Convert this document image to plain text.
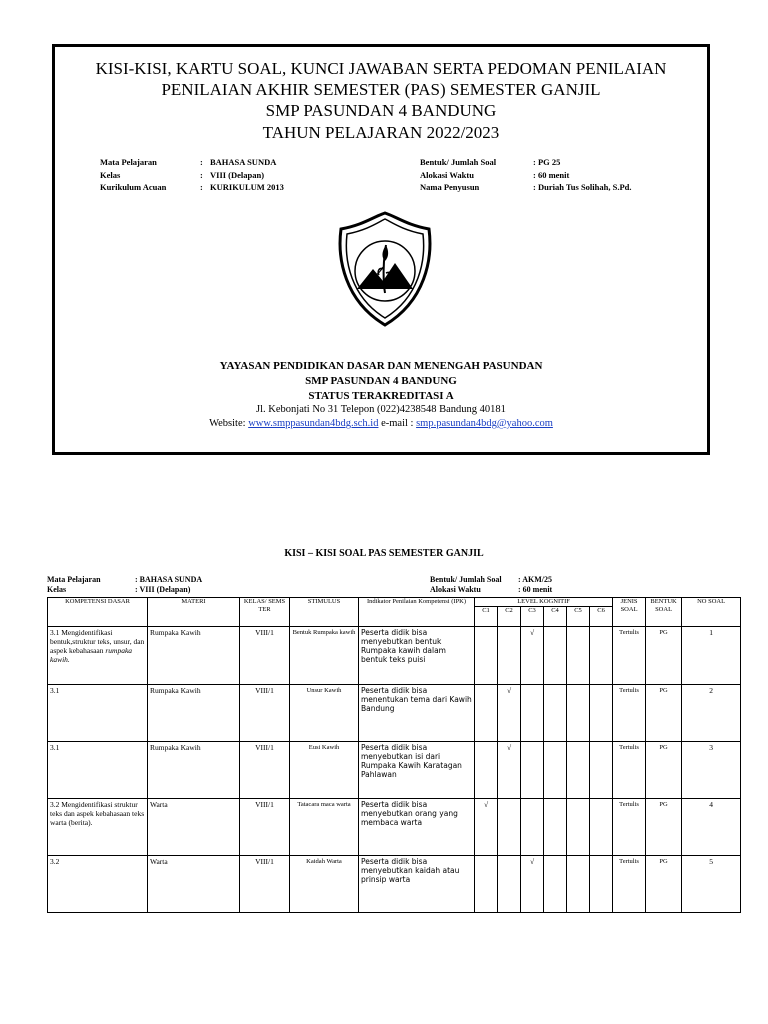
KISI-KISI, KARTU SOAL, KUNCI JAWABAN SERTA PEDOMAN PENILAIAN
PENILAIAN AKHIR SEMESTER (PAS) SEMESTER GANJIL
SMP PASUNDAN 4 BANDUNG
TAHUN PELAJARAN 2022/2023
Mata Pelajaran	: BAHASA SUNDA
Kelas	: VIII (Delapan)
Kurikulum Acuan	: KURIKULUM 2013
Bentuk/ Jumlah Soal	: PG 25
Alokasi Waktu	: 60 menit
Nama Penyusun	: Duriah Tus Solihah, S.Pd.
YAYASAN PENDIDIKAN DASAR DAN MENENGAH PASUNDAN
SMP PASUNDAN 4 BANDUNG
STATUS TERAKREDITASI A
Jl. Kebonjati No 31 Telepon (022)4238548 Bandung 40181
Website: www.smppasundan4bdg.sch.id e-mail : smp.pasundan4bdg@yahoo.com
KISI – KISI SOAL PAS SEMESTER GANJIL
Mata Pelajaran	: BAHASA SUNDA
Kelas	: VIII (Delapan)
Bentuk/ Jumlah Soal : AKM/25
Alokasi Waktu	: 60 menit
KOMPETENSI DASAR	MATERI	KELAS/ SEMS TER	STIMULUS	Indikator Penilaian Kompetensi (IPK)	LEVEL KOGNITIF						JENIS SOAL	BENTUK SOAL	NO SOAL
					C1	C2	C3	C4	C5	C6			
3.1 Mengidentifikasi bentuk,struktur teks, unsur, dan aspek kebahasaan rumpaka kawih.	Rumpaka Kawih	VIII/1	Bentuk Rumpaka kawih	Peserta didik bisa menyebutkan bentuk Rumpaka kawih dalam bentuk teks puisi			√				Tertulis	PG	1
3.1	Rumpaka Kawih	VIII/1	Unsur Kawih	Peserta didik bisa menentukan tema dari Kawih Bandung		√					Tertulis	PG	2
3.1	Rumpaka Kawih	VIII/1	Eusi Kawih	Peserta didik bisa menyebutkan isi dari Rumpaka Kawih Karatagan Pahlawan		√					Tertulis	PG	3
3.2 Mengidentifikasi struktur teks dan aspek kebahasaan teks warta (berita).	Warta	VIII/1	Tatacara maca warta	Peserta didik bisa menyebutkan orang yang membaca warta	√						Tertulis	PG	4
3.2	Warta	VIII/1	Kaidah Warta	Peserta didik bisa menyebutkan kaidah atau prinsip warta			√				Tertulis	PG	5
